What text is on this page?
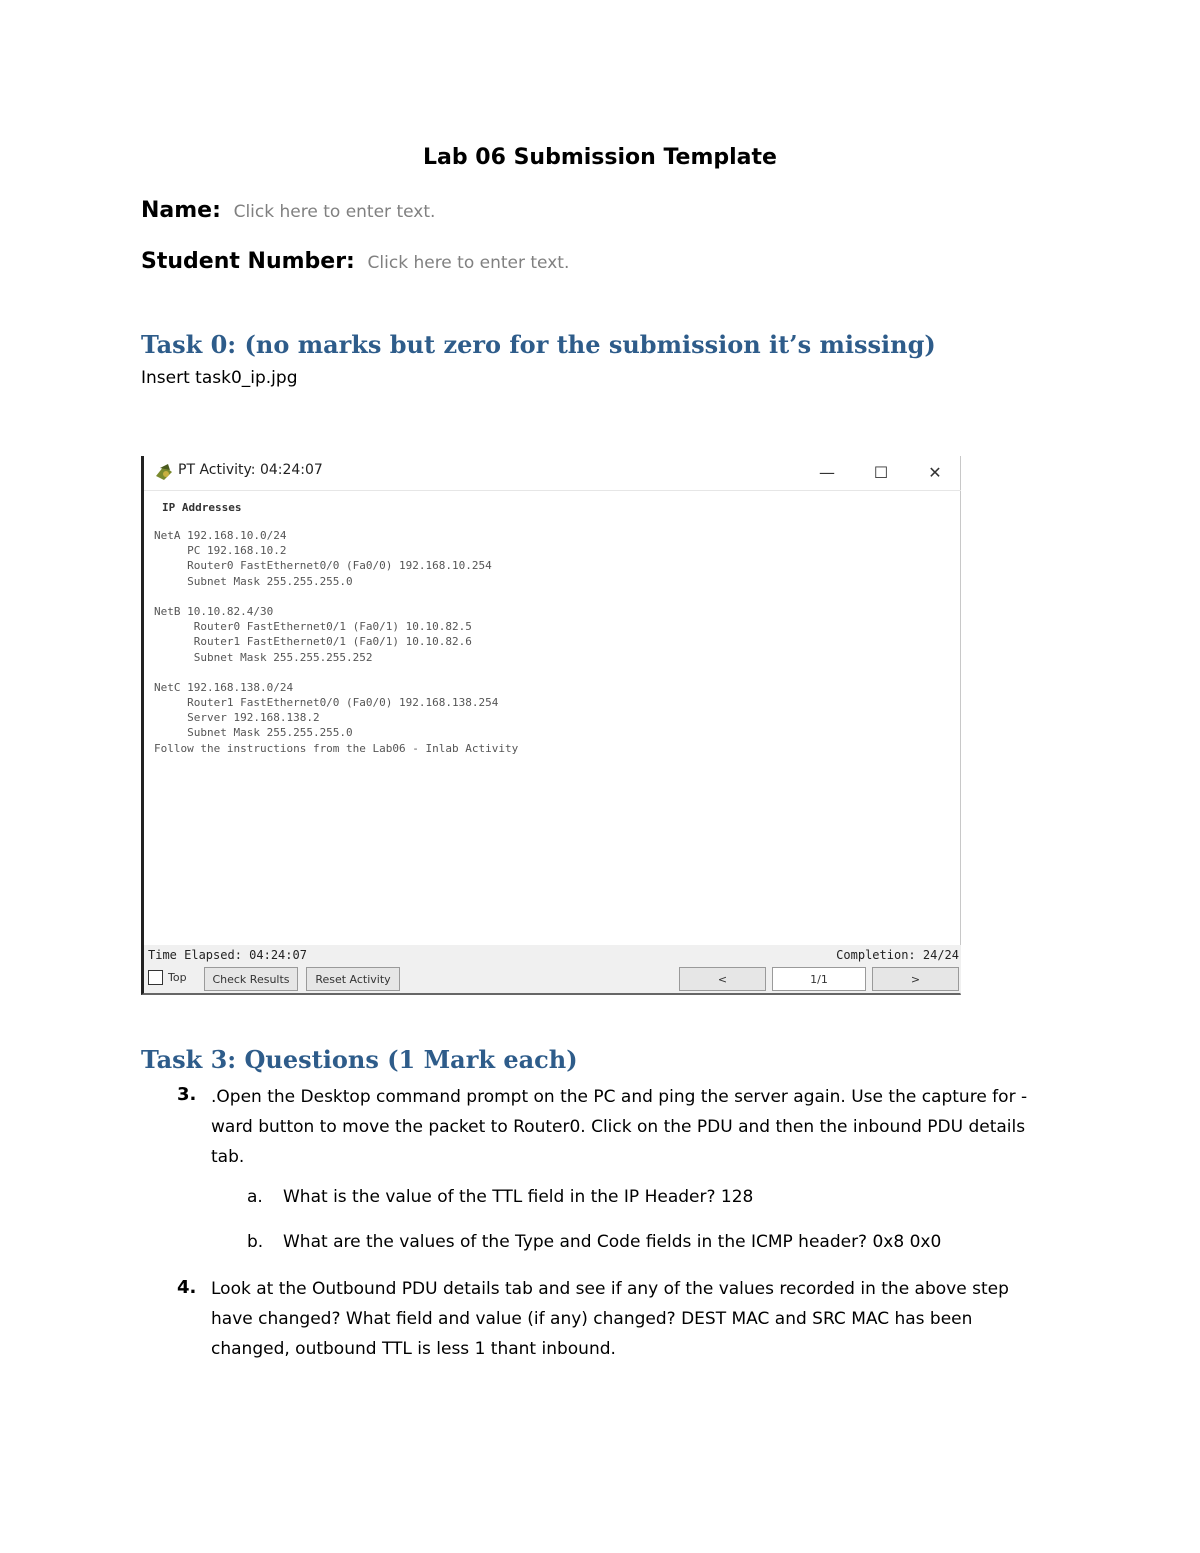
Lab 06 Submission Template
Name: Click here to enter text.
Student Number: Click here to enter text.
Task 0: (no marks but zero for the submission it’s missing)
Insert task0_ip.jpg
PT Activity: 04:24:07	—	☐	✕
IP Addresses
NetA 192.168.10.0/24
PC 192.168.10.2
Router0 FastEthernet0/0 (Fa0/0) 192.168.10.254
Subnet Mask 255.255.255.0
NetB 10.10.82.4/30
Router0 FastEthernet0/1 (Fa0/1) 10.10.82.5
Router1 FastEthernet0/1 (Fa0/1) 10.10.82.6
Subnet Mask 255.255.255.252
NetC 192.168.138.0/24
Router1 FastEthernet0/0 (Fa0/0) 192.168.138.254
Server 192.168.138.2
Subnet Mask 255.255.255.0
Follow the instructions from the Lab06 - Inlab Activity
Time Elapsed: 04:24:07	Completion: 24/24
Top	Check Results	Reset Activity	<	1/1	>
Task 3: Questions (1 Mark each)
3. .Open the Desktop command prompt on the PC and ping the server again. Use the capture for -
ward button to move the packet to Router0. Click on the PDU and then the inbound PDU details
tab.
a. What is the value of the TTL field in the IP Header? 128
b. What are the values of the Type and Code fields in the ICMP header? 0x8 0x0
4. Look at the Outbound PDU details tab and see if any of the values recorded in the above step
have changed? What field and value (if any) changed? DEST MAC and SRC MAC has been
changed, outbound TTL is less 1 thant inbound.
